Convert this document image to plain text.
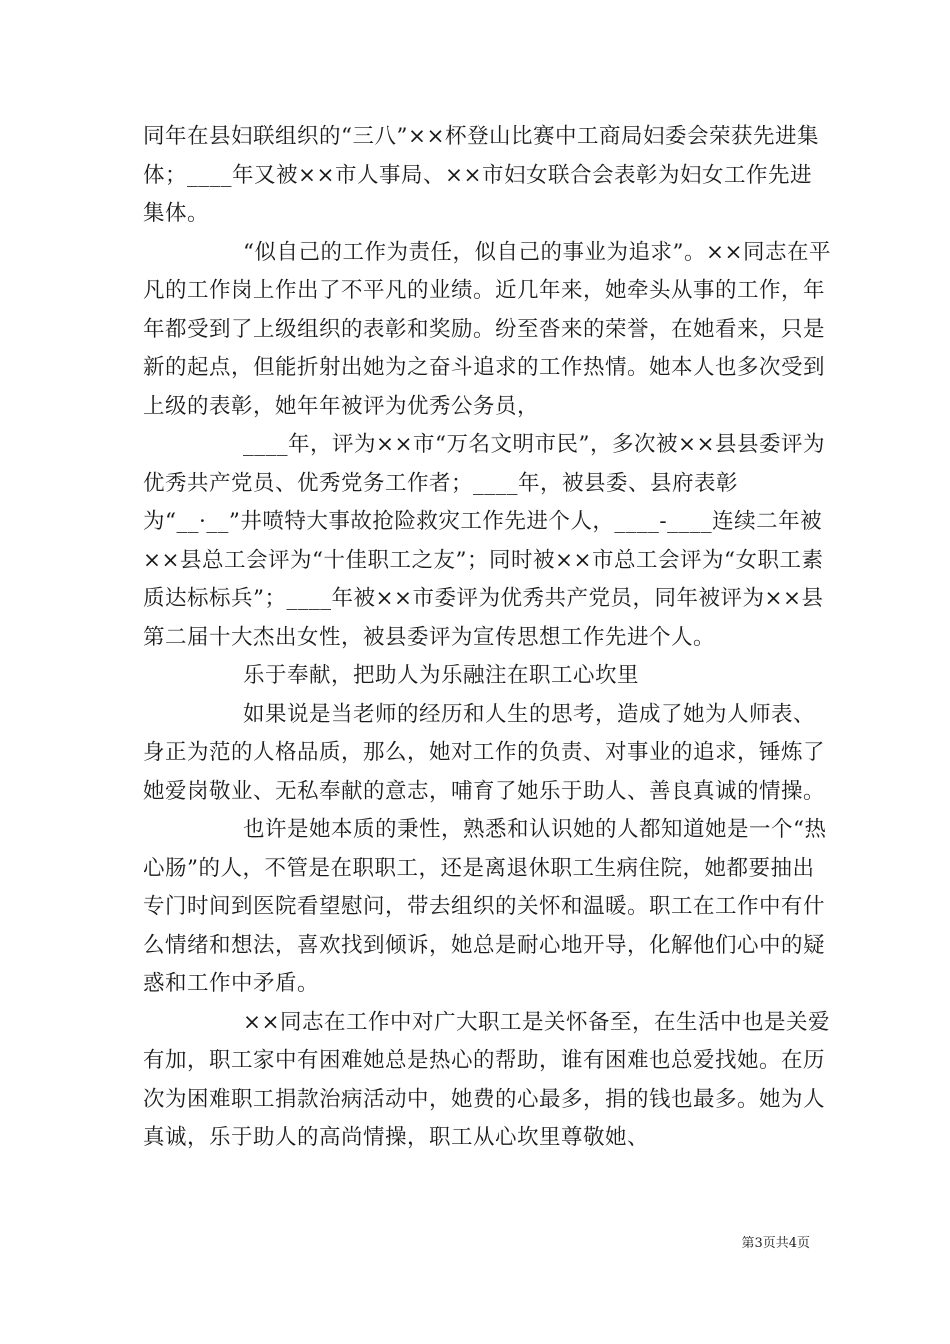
同年在县妇联组织的“三八”××杯登山比赛中工商局妇委会荣获先进集体；____年又被××市人事局、××市妇女联合会表彰为妇女工作先进集体。

“似自己的工作为责任，似自己的事业为追求”。××同志在平凡的工作岗上作出了不平凡的业绩。近几年来，她牵头从事的工作，年年都受到了上级组织的表彰和奖励。纷至沓来的荣誉，在她看来，只是新的起点，但能折射出她为之奋斗追求的工作热情。她本人也多次受到上级的表彰，她年年被评为优秀公务员，

____年，评为××市“万名文明市民”，多次被××县县委评为优秀共产党员、优秀党务工作者；____年，被县委、县府表彰为“__·__”井喷特大事故抢险救灾工作先进个人，____-____连续二年被××县总工会评为“十佳职工之友”；同时被××市总工会评为“女职工素质达标标兵”；____年被××市委评为优秀共产党员，同年被评为××县第二届十大杰出女性，被县委评为宣传思想工作先进个人。

乐于奉献，把助人为乐融注在职工心坎里

如果说是当老师的经历和人生的思考，造成了她为人师表、身正为范的人格品质，那么，她对工作的负责、对事业的追求，锤炼了她爱岗敬业、无私奉献的意志，哺育了她乐于助人、善良真诚的情操。

也许是她本质的秉性，熟悉和认识她的人都知道她是一个“热心肠”的人，不管是在职职工，还是离退休职工生病住院，她都要抽出专门时间到医院看望慰问，带去组织的关怀和温暖。职工在工作中有什么情绪和想法，喜欢找到倾诉，她总是耐心地开导，化解他们心中的疑惑和工作中矛盾。

××同志在工作中对广大职工是关怀备至，在生活中也是关爱有加，职工家中有困难她总是热心的帮助，谁有困难也总爱找她。在历次为困难职工捐款治病活动中，她费的心最多，捐的钱也最多。她为人真诚，乐于助人的高尚情操，职工从心坎里尊敬她、

第3页共4页
